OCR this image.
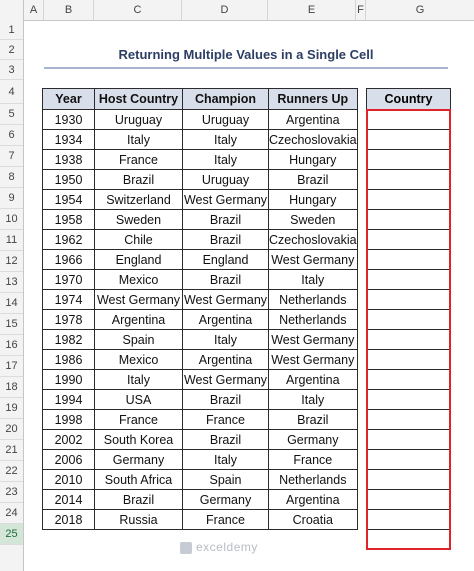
A	B	C	D	E	F	G
1
2
3
4
5
6
7
8
9
10
11
12
13
14
15
16
17
18
19
20
21
22
23
24
25
Returning Multiple Values in a Single Cell
Year	Host Country	Champion	Runners Up
1930	Uruguay	Uruguay	Argentina
1934	Italy	Italy	Czechoslovakia
1938	France	Italy	Hungary
1950	Brazil	Uruguay	Brazil
1954	Switzerland	West Germany	Hungary
1958	Sweden	Brazil	Sweden
1962	Chile	Brazil	Czechoslovakia
1966	England	England	West Germany
1970	Mexico	Brazil	Italy
1974	West Germany	West Germany	Netherlands
1978	Argentina	Argentina	Netherlands
1982	Spain	Italy	West Germany
1986	Mexico	Argentina	West Germany
1990	Italy	West Germany	Argentina
1994	USA	Brazil	Italy
1998	France	France	Brazil
2002	South Korea	Brazil	Germany
2006	Germany	Italy	France
2010	South Africa	Spain	Netherlands
2014	Brazil	Germany	Argentina
2018	Russia	France	Croatia
Country

exceldemy
